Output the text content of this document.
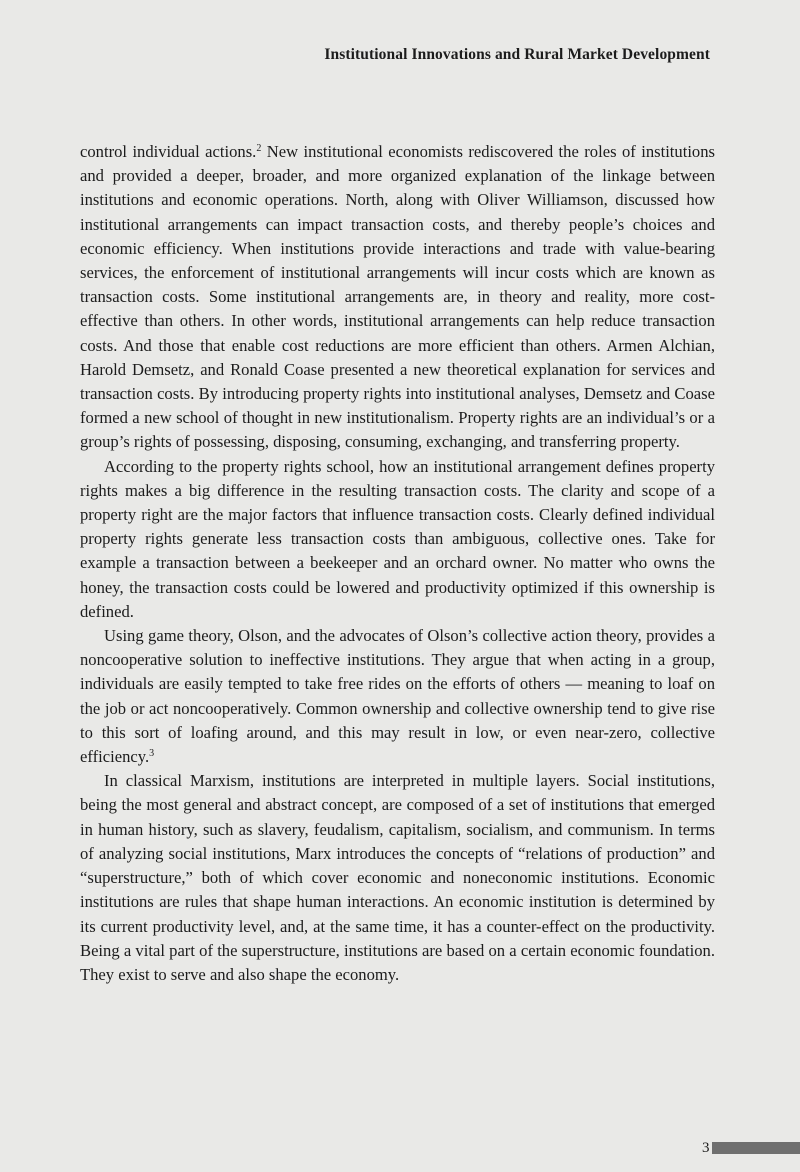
Institutional Innovations and Rural Market Development

control individual actions.$^2$ New institutional economists rediscovered the roles of institutions and provided a deeper, broader, and more organized explanation of the linkage between institutions and economic operations. North, along with Oliver Williamson, discussed how institutional arrangements can impact transaction costs, and thereby people’s choices and economic efficiency. When institutions provide interactions and trade with value-bearing services, the enforcement of institutional arrangements will incur costs which are known as transaction costs. Some institutional arrangements are, in theory and reality, more cost-effective than others. In other words, institutional arrangements can help reduce transaction costs. And those that enable cost reductions are more efficient than others. Armen Alchian, Harold Demsetz, and Ronald Coase presented a new theoretical explanation for services and transaction costs. By introducing property rights into institutional analyses, Demsetz and Coase formed a new school of thought in new institutionalism. Property rights are an individual’s or a group’s rights of possessing, disposing, consuming, exchanging, and transferring property.

According to the property rights school, how an institutional arrangement defines property rights makes a big difference in the resulting transaction costs. The clarity and scope of a property right are the major factors that influence transaction costs. Clearly defined individual property rights generate less transaction costs than ambiguous, collective ones. Take for example a transaction between a beekeeper and an orchard owner. No matter who owns the honey, the transaction costs could be lowered and productivity optimized if this ownership is defined.

Using game theory, Olson, and the advocates of Olson’s collective action theory, provides a noncooperative solution to ineffective institutions. They argue that when acting in a group, individuals are easily tempted to take free rides on the efforts of others — meaning to loaf on the job or act noncooperatively. Common ownership and collective ownership tend to give rise to this sort of loafing around, and this may result in low, or even near-zero, collective efficiency.$^3$

In classical Marxism, institutions are interpreted in multiple layers. Social institutions, being the most general and abstract concept, are composed of a set of institutions that emerged in human history, such as slavery, feudalism, capitalism, socialism, and communism. In terms of analyzing social institutions, Marx introduces the concepts of “relations of production” and “superstructure,” both of which cover economic and noneconomic institutions. Economic institutions are rules that shape human interactions. An economic institution is determined by its current productivity level, and, at the same time, it has a counter-effect on the productivity. Being a vital part of the superstructure, institutions are based on a certain economic foundation. They exist to serve and also shape the economy.

3
